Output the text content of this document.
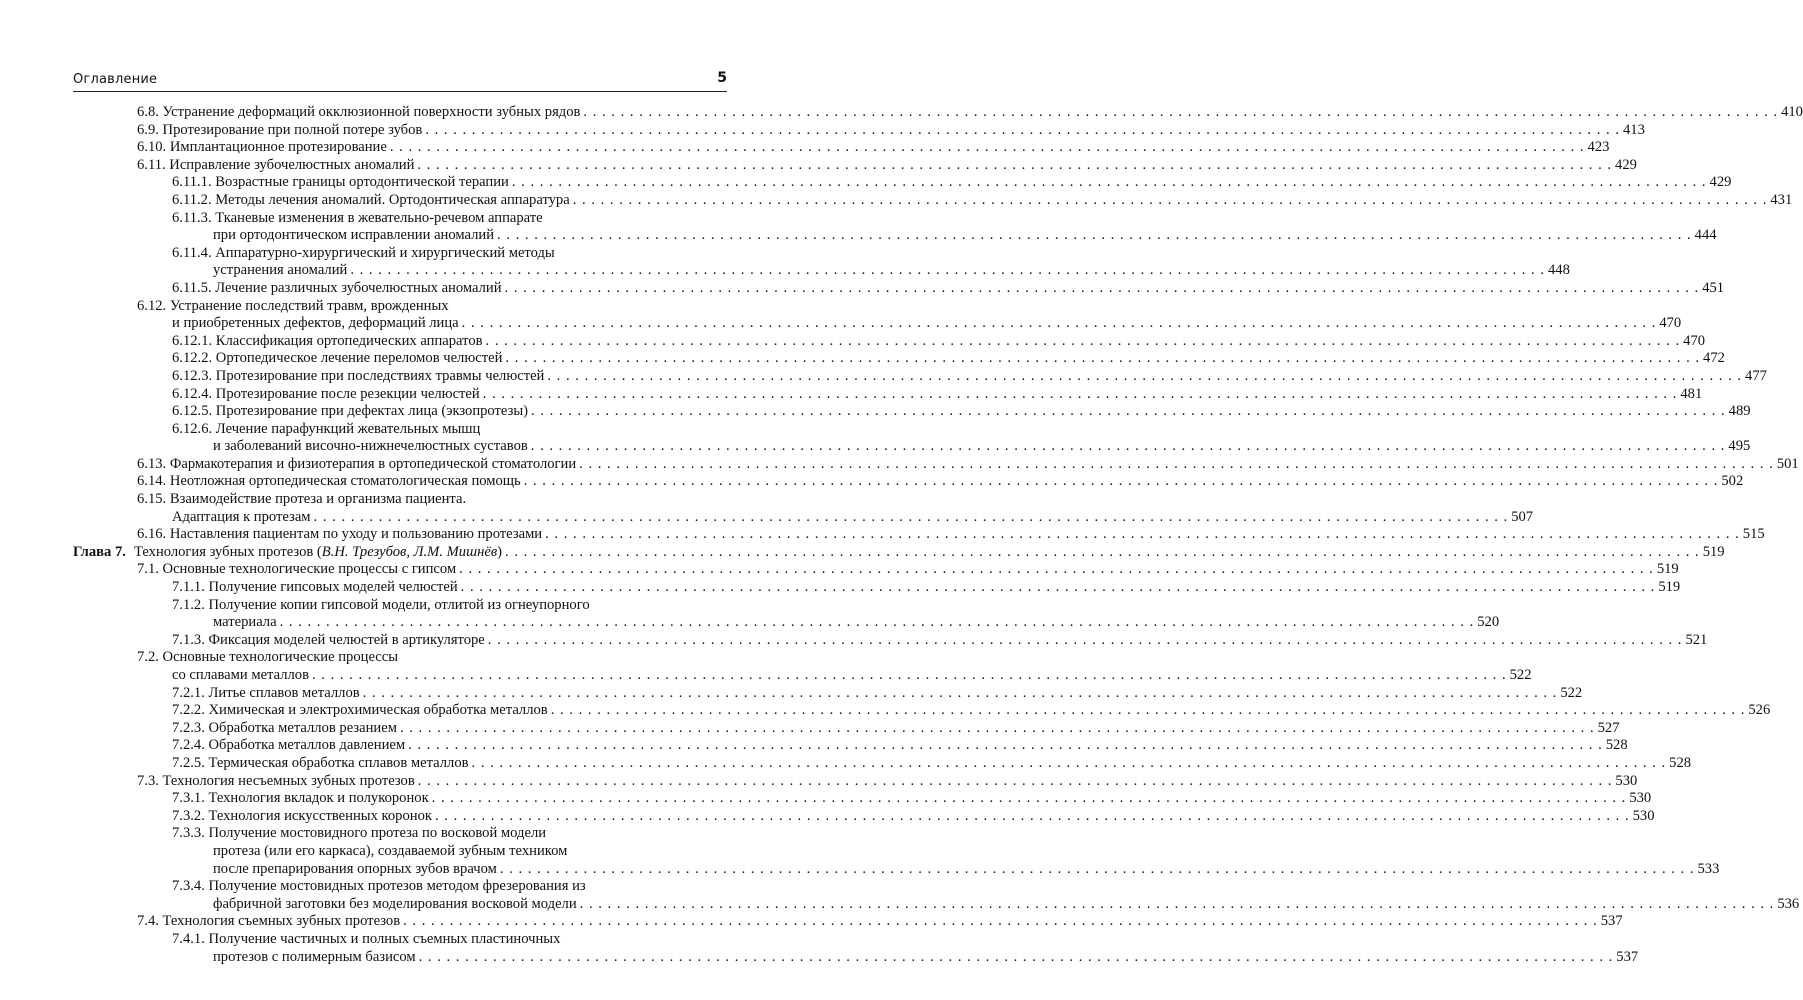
Оглавление	5
6.8. Устранение деформаций окклюзионной поверхности зубных рядов . . .	410
6.9. Протезирование при полной потере зубов . . .	413
6.10. Имплантационное протезирование . . .	423
6.11. Исправление зубочелюстных аномалий . . .	429
6.11.1. Возрастные границы ортодонтической терапии . . .	429
6.11.2. Методы лечения аномалий. Ортодонтическая аппаратура . . .	431
6.11.3. Тканевые изменения в жевательно-речевом аппарате
при ортодонтическом исправлении аномалий . . .	444
6.11.4. Аппаратурно-хирургический и хирургический методы
устранения аномалий . . .	448
6.11.5. Лечение различных зубочелюстных аномалий . . .	451
6.12. Устранение последствий травм, врожденных
и приобретенных дефектов, деформаций лица . . .	470
6.12.1. Классификация ортопедических аппаратов . . .	470
6.12.2. Ортопедическое лечение переломов челюстей . . .	472
6.12.3. Протезирование при последствиях травмы челюстей . . .	477
6.12.4. Протезирование после резекции челюстей . . .	481
6.12.5. Протезирование при дефектах лица (экзопротезы) . . .	489
6.12.6. Лечение парафункций жевательных мышц
и заболеваний височно-нижнечелюстных суставов . . .	495
6.13. Фармакотерапия и физиотерапия в ортопедической стоматологии . . .	501
6.14. Неотложная ортопедическая стоматологическая помощь . . .	502
6.15. Взаимодействие протеза и организма пациента.
Адаптация к протезам . . .	507
6.16. Наставления пациентам по уходу и пользованию протезами . . .	515
Глава 7. Технология зубных протезов (В.Н. Трезубов, Л.М. Мишнёв) . . .	519
7.1. Основные технологические процессы с гипсом . . .	519
7.1.1. Получение гипсовых моделей челюстей . . .	519
7.1.2. Получение копии гипсовой модели, отлитой из огнеупорного
материала . . .	520
7.1.3. Фиксация моделей челюстей в артикуляторе . . .	521
7.2. Основные технологические процессы
со сплавами металлов . . .	522
7.2.1. Литье сплавов металлов . . .	522
7.2.2. Химическая и электрохимическая обработка металлов . . .	526
7.2.3. Обработка металлов резанием . . .	527
7.2.4. Обработка металлов давлением . . .	528
7.2.5. Термическая обработка сплавов металлов . . .	528
7.3. Технология несъемных зубных протезов . . .	530
7.3.1. Технология вкладок и полукоронок . . .	530
7.3.2. Технология искусственных коронок . . .	530
7.3.3. Получение мостовидного протеза по восковой модели
протеза (или его каркаса), создаваемой зубным техником
после препарирования опорных зубов врачом . . .	533
7.3.4. Получение мостовидных протезов методом фрезерования из
фабричной заготовки без моделирования восковой модели . . .	536
7.4. Технология съемных зубных протезов . . .	537
7.4.1. Получение частичных и полных съемных пластиночных
протезов с полимерным базисом . . .	537
